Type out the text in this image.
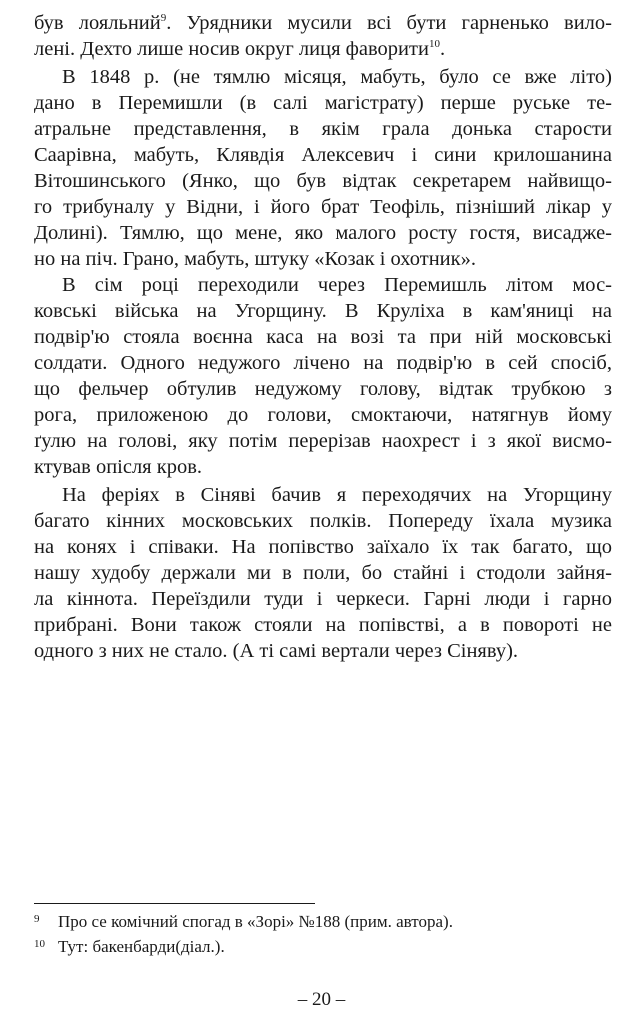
був лояльний$^9$. Урядники мусили всі бути гарненько вило-
лені. Дехто лише носив округ лиця фаворити$^{10}$.
В 1848 р. (не тямлю місяця, мабуть, було се вже літо)
дано в Перемишли (в салі магістрату) перше руське те-
атральне представлення, в якім грала донька старости
Саарівна, мабуть, Клявдія Алексевич і сини крилошанина
Вітошинського (Янко, що був відтак секретарем найвищо-
го трибуналу у Відни, і його брат Теофіль, пізніший лікар у
Долині). Тямлю, що мене, яко малого росту гостя, висадже-
но на піч. Грано, мабуть, штуку «Козак і охотник».
В сім році переходили через Перемишль літом мос-
ковські війська на Угорщину. В Круліха в кам'яниці на
подвір'ю стояла воєнна каса на возі та при ній московські
солдати. Одного недужого лічено на подвір'ю в сей спосіб,
що фельчер обтулив недужому голову, відтак трубкою з
рога, приложеною до голови, смоктаючи, натягнув йому
ґулю на голові, яку потім перерізав наохрест і з якої висмо-
ктував опісля кров.
На феріях в Сіняві бачив я переходячих на Угорщину
багато кінних московських полків. Попереду їхала музика
на конях і співаки. На попівство заїхало їх так багато, що
нашу худобу держали ми в поли, бо стайні і стодоли зайня-
ла кіннота. Переїздили туди і черкеси. Гарні люди і гарно
прибрані. Вони також стояли на попівстві, а в повороті не
одного з них не стало. (А ті самі вертали через Сіняву).
9 Про се комічний спогад в «Зорі» №188 (прим. автора).
10 Тут: бакенбарди(діал.).
– 20 –
